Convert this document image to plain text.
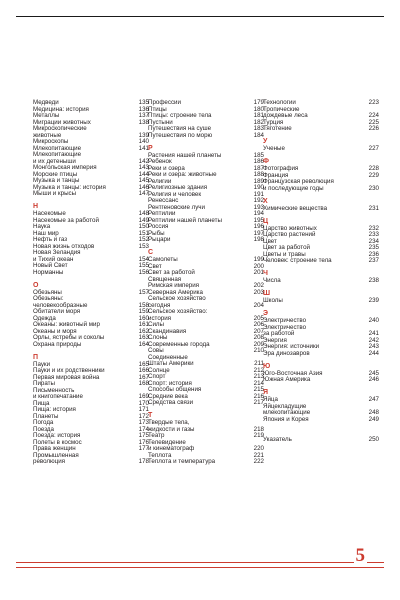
Медведи	135
Медицина: история	136
Металлы	137
Миграции животных	138
Микроскопические
животные	139
Микроскопы	140
Млекопитающие	141
Млекопитающие
и их детеныши	142
Монгольская империя	143
Морские птицы	144
Музыка и танцы	145
Музыка и танцы: история	146
Мыши и крысы	147
Н
Насекомые	148
Насекомые за работой	149
Наука	150
Наш мир	151
Нефть и газ	152
Новая жизнь отходов	153
Новая Зеландия
и Тихий океан	154
Новый Свет	155
Норманны	156
О
Обезьяны	157
Обезьяны:
человекообразные	158
Обитатели моря	159
Одежда	160
Океаны: животный мир	161
Океаны и моря	162
Орлы, ястребы и соколы	163
Охрана природы	164
П
Пауки	165
Пауки и их родственники	166
Первая мировая война	167
Пираты	168
Письменность
и книгопечатание	169
Пища	170
Пища: история	171
Планеты	172
Погода	173
Поезда	174
Поезда: история	175
Полеты в космос	176
Права женщин	177
Промышленная
революция	178
Профессии	179
Птицы	180
Птицы: строение тела	181
Пустыни	182
Путешествия на суше	183
Путешествия по морю	184
Р
Растения нашей планеты	185
Ребенок	186
Реки и озера	187
Реки и озера: животные	188
Религии	189
Религиозные здания	190
Религия и человек	191
Ренессанс	192
Рентгеновские лучи	193
Рептилии	194
Рептилии нашей планеты	195
Россия	196
Рыбы	197
Рыцари	198
С
Самолеты	199
Свет	200
Свет за работой	201
Священная
Римская империя	202
Северная Америка	203
Сельское хозяйство
сегодня	204
Сельское хозяйство:
история	205
Силы	206
Скандинавия	207
Слоны	208
Современные города	209
Совы	210
Соединенные
Штаты Америки	211
Солнце	212
Спорт	213
Спорт: история	214
Способы общения	215
Средние века	216
Средства связи	217
Т
Твердые тела,
жидкости и газы	218
Театр	219
Телевидение
и кинематограф	220
Теплота	221
Теплота и температура	222
Технологии	223
Тропические
дождевые леса	224
Турция	225
Тяготение	226
У
Ученые	227
Ф
Фотография	228
Франция	229
Французская революция
и последующие годы	230
Х
Химические вещества	231
Ц
Царство животных	232
Царство растений	233
Цвет	234
Цвет за работой	235
Цветы и травы	236
Человек: строение тела	237
Ч
Числа	238
Ш
Школы	239
Э
Электричество	240
Электричество
за работой	241
Энергия	242
Энергия: источники	243
Эра динозавров	244
Ю
Юго-Восточная Азия	245
Южная Америка	246
Я
Яйца	247
Яйцекладущие
млекопитающие	248
Япония и Корея	249

Указатель	250
5
